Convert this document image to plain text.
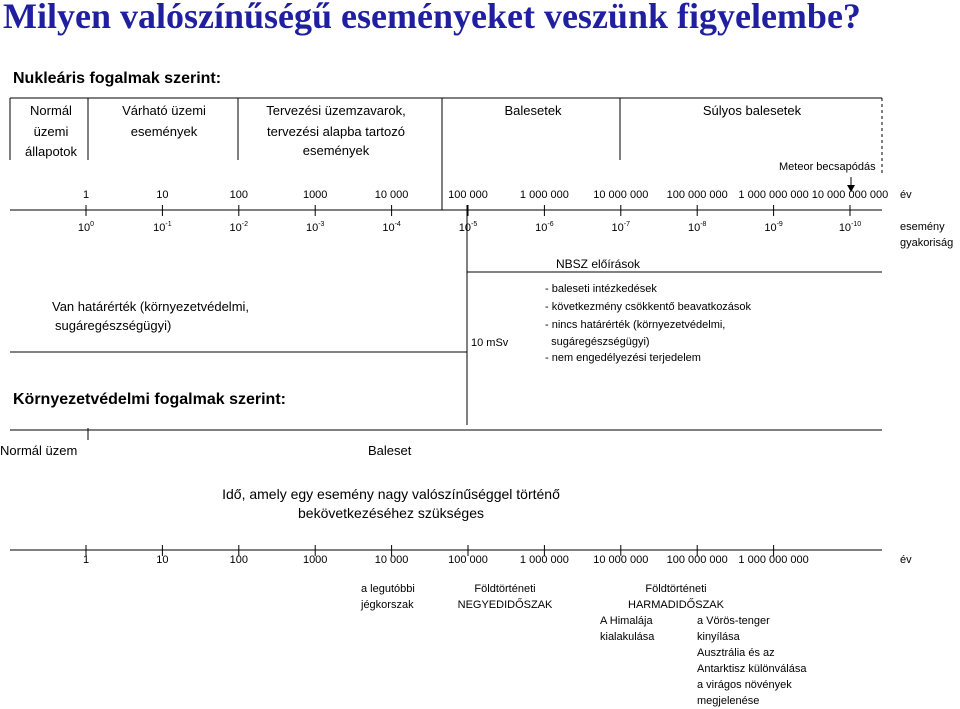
Milyen valószínűségű eseményeket veszünk figyelembe?
Nukleáris fogalmak szerint:
Normál
üzemi
állapotok
Várható üzemi
események
Tervezési üzemzavarok,
tervezési alapba tartozó
események
Balesetek	Súlyos balesetek
Meteor becsapódás
1	10	100	1000	10 000	100 000	1 000 000 10 000 000 100 000 000 1 000 000 000 10 000 000 000 év
$10^0$	$10^{-1}$	$10^{-2}$	$10^{-3}$	$10^{-4}$	$10^{-5}$	$10^{-6}$	$10^{-7}$	$10^{-8}$	$10^{-9}$	$10^{-10}$	esemény
gyakoriság
NBSZ előírások
Van határérték (környezetvédelmi,
sugáregészségügyi)
10 mSv
- baleseti intézkedések
- következmény csökkentő beavatkozások
- nincs határérték (környezetvédelmi,
sugáregészségügyi)
- nem engedélyezési terjedelem
Környezetvédelmi fogalmak szerint:
Normál üzem	Baleset
Idő, amely egy esemény nagy valószínűséggel történő
bekövetkezéséhez szükséges
1	10	100	1000	10 000	100 000	1 000 000 10 000 000 100 000 000 1 000 000 000	év
a legutóbbi
jégkorszak
Földtörténeti
NEGYEDIDŐSZAK
Földtörténeti
HARMADIDŐSZAK
A Himalája
kialakulása
a Vörös-tenger
kinyílása
Ausztrália és az
Antarktisz különválása
a virágos növények
megjelenése
